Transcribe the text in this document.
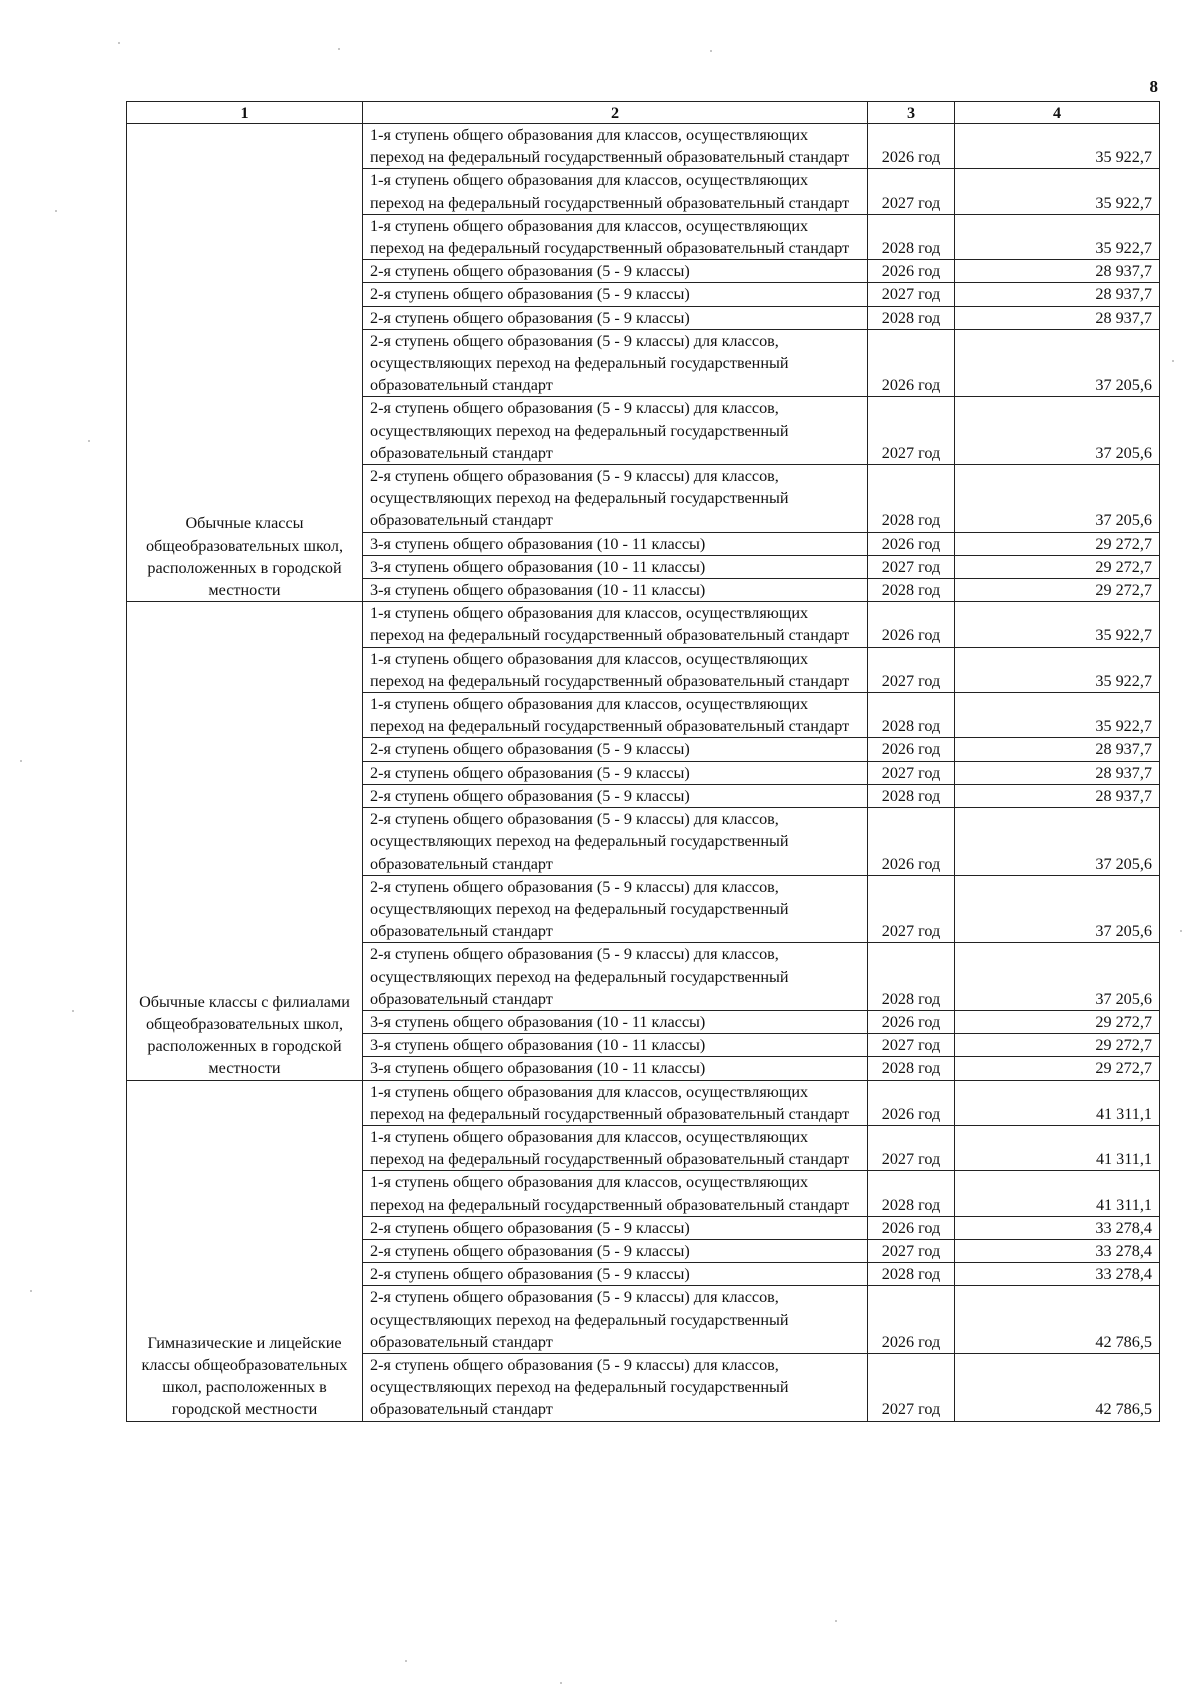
8
1	2	3	4
Обычные классы общеобразовательных школ, расположенных в городской местности	1-я ступень общего образования для классов, осуществляющих переход на федеральный государственный образовательный стандарт	2026 год	35 922,7
	1-я ступень общего образования для классов, осуществляющих переход на федеральный государственный образовательный стандарт	2027 год	35 922,7
	1-я ступень общего образования для классов, осуществляющих переход на федеральный государственный образовательный стандарт	2028 год	35 922,7
	2-я ступень общего образования (5 - 9 классы)	2026 год	28 937,7
	2-я ступень общего образования (5 - 9 классы)	2027 год	28 937,7
	2-я ступень общего образования (5 - 9 классы)	2028 год	28 937,7
	2-я ступень общего образования (5 - 9 классы) для классов, осуществляющих переход на федеральный государственный образовательный стандарт	2026 год	37 205,6
	2-я ступень общего образования (5 - 9 классы) для классов, осуществляющих переход на федеральный государственный образовательный стандарт	2027 год	37 205,6
	2-я ступень общего образования (5 - 9 классы) для классов, осуществляющих переход на федеральный государственный образовательный стандарт	2028 год	37 205,6
	3-я ступень общего образования (10 - 11 классы)	2026 год	29 272,7
	3-я ступень общего образования (10 - 11 классы)	2027 год	29 272,7
	3-я ступень общего образования (10 - 11 классы)	2028 год	29 272,7
Обычные классы с филиалами общеобразовательных школ, расположенных в городской местности	1-я ступень общего образования для классов, осуществляющих переход на федеральный государственный образовательный стандарт	2026 год	35 922,7
	1-я ступень общего образования для классов, осуществляющих переход на федеральный государственный образовательный стандарт	2027 год	35 922,7
	1-я ступень общего образования для классов, осуществляющих переход на федеральный государственный образовательный стандарт	2028 год	35 922,7
	2-я ступень общего образования (5 - 9 классы)	2026 год	28 937,7
	2-я ступень общего образования (5 - 9 классы)	2027 год	28 937,7
	2-я ступень общего образования (5 - 9 классы)	2028 год	28 937,7
	2-я ступень общего образования (5 - 9 классы) для классов, осуществляющих переход на федеральный государственный образовательный стандарт	2026 год	37 205,6
	2-я ступень общего образования (5 - 9 классы) для классов, осуществляющих переход на федеральный государственный образовательный стандарт	2027 год	37 205,6
	2-я ступень общего образования (5 - 9 классы) для классов, осуществляющих переход на федеральный государственный образовательный стандарт	2028 год	37 205,6
	3-я ступень общего образования (10 - 11 классы)	2026 год	29 272,7
	3-я ступень общего образования (10 - 11 классы)	2027 год	29 272,7
	3-я ступень общего образования (10 - 11 классы)	2028 год	29 272,7
Гимназические и лицейские классы общеобразовательных школ, расположенных в городской местности	1-я ступень общего образования для классов, осуществляющих переход на федеральный государственный образовательный стандарт	2026 год	41 311,1
	1-я ступень общего образования для классов, осуществляющих переход на федеральный государственный образовательный стандарт	2027 год	41 311,1
	1-я ступень общего образования для классов, осуществляющих переход на федеральный государственный образовательный стандарт	2028 год	41 311,1
	2-я ступень общего образования (5 - 9 классы)	2026 год	33 278,4
	2-я ступень общего образования (5 - 9 классы)	2027 год	33 278,4
	2-я ступень общего образования (5 - 9 классы)	2028 год	33 278,4
	2-я ступень общего образования (5 - 9 классы) для классов, осуществляющих переход на федеральный государственный образовательный стандарт	2026 год	42 786,5
	2-я ступень общего образования (5 - 9 классы) для классов, осуществляющих переход на федеральный государственный образовательный стандарт	2027 год	42 786,5
